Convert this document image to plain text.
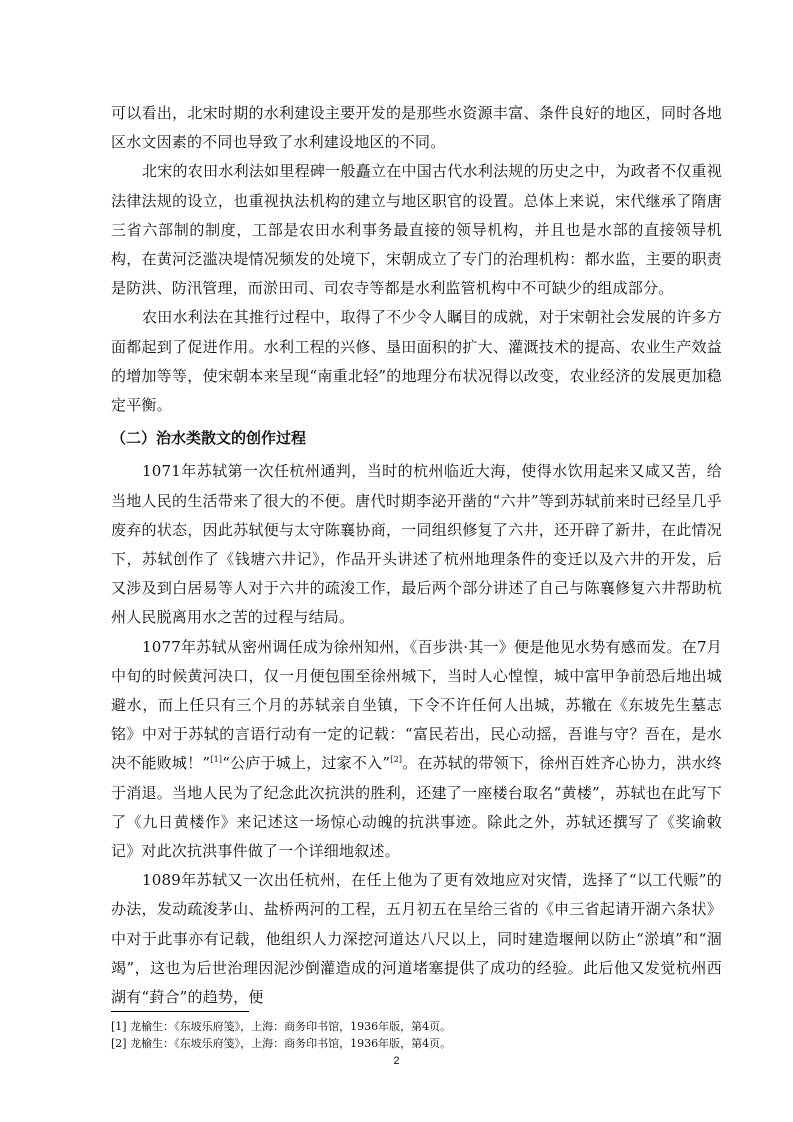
可以看出，北宋时期的水利建设主要开发的是那些水资源丰富、条件良好的地区，同时各地区水文因素的不同也导致了水利建设地区的不同。

北宋的农田水利法如里程碑一般矗立在中国古代水利法规的历史之中，为政者不仅重视法律法规的设立，也重视执法机构的建立与地区职官的设置。总体上来说，宋代继承了隋唐三省六部制的制度，工部是农田水利事务最直接的领导机构，并且也是水部的直接领导机构，在黄河泛滥决堤情况频发的处境下，宋朝成立了专门的治理机构：都水监，主要的职责是防洪、防汛管理，而淤田司、司农寺等都是水利监管机构中不可缺少的组成部分。

农田水利法在其推行过程中，取得了不少令人瞩目的成就，对于宋朝社会发展的许多方面都起到了促进作用。水利工程的兴修、垦田面积的扩大、灌溉技术的提高、农业生产效益的增加等等，使宋朝本来呈现“南重北轻”的地理分布状况得以改变，农业经济的发展更加稳定平衡。

（二）治水类散文的创作过程

1071年苏轼第一次任杭州通判，当时的杭州临近大海，使得水饮用起来又咸又苦，给当地人民的生活带来了很大的不便。唐代时期李泌开凿的“六井”等到苏轼前来时已经呈几乎废弃的状态，因此苏轼便与太守陈襄协商，一同组织修复了六井，还开辟了新井，在此情况下，苏轼创作了《钱塘六井记》，作品开头讲述了杭州地理条件的变迁以及六井的开发，后又涉及到白居易等人对于六井的疏浚工作，最后两个部分讲述了自己与陈襄修复六井帮助杭州人民脱离用水之苦的过程与结局。

1077年苏轼从密州调任成为徐州知州，《百步洪·其一》便是他见水势有感而发。在7月中旬的时候黄河决口，仅一月便包围至徐州城下，当时人心惶惶，城中富甲争前恐后地出城避水，而上任只有三个月的苏轼亲自坐镇，下令不许任何人出城，苏辙在《东坡先生墓志铭》中对于苏轼的言语行动有一定的记载：“富民若出，民心动摇，吾谁与守？吾在，是水决不能败城！”[1]“公庐于城上，过家不入”[2]。在苏轼的带领下，徐州百姓齐心协力，洪水终于消退。当地人民为了纪念此次抗洪的胜利，还建了一座楼台取名“黄楼”，苏轼也在此写下了《九日黄楼作》来记述这一场惊心动魄的抗洪事迹。除此之外，苏轼还撰写了《奖谕敕记》对此次抗洪事件做了一个详细地叙述。

1089年苏轼又一次出任杭州，在任上他为了更有效地应对灾情，选择了“以工代赈”的办法，发动疏浚茅山、盐桥两河的工程，五月初五在呈给三省的《申三省起请开湖六条状》中对于此事亦有记载，他组织人力深挖河道达八尺以上，同时建造堰闸以防止“淤填”和“涸竭”，这也为后世治理因泥沙倒灌造成的河道堵塞提供了成功的经验。此后他又发觉杭州西湖有“葑合”的趋势，便

[1] 龙榆生：《东坡乐府笺》，上海：商务印书馆，1936年版，第4页。

[2] 龙榆生：《东坡乐府笺》，上海：商务印书馆，1936年版，第4页。

2
